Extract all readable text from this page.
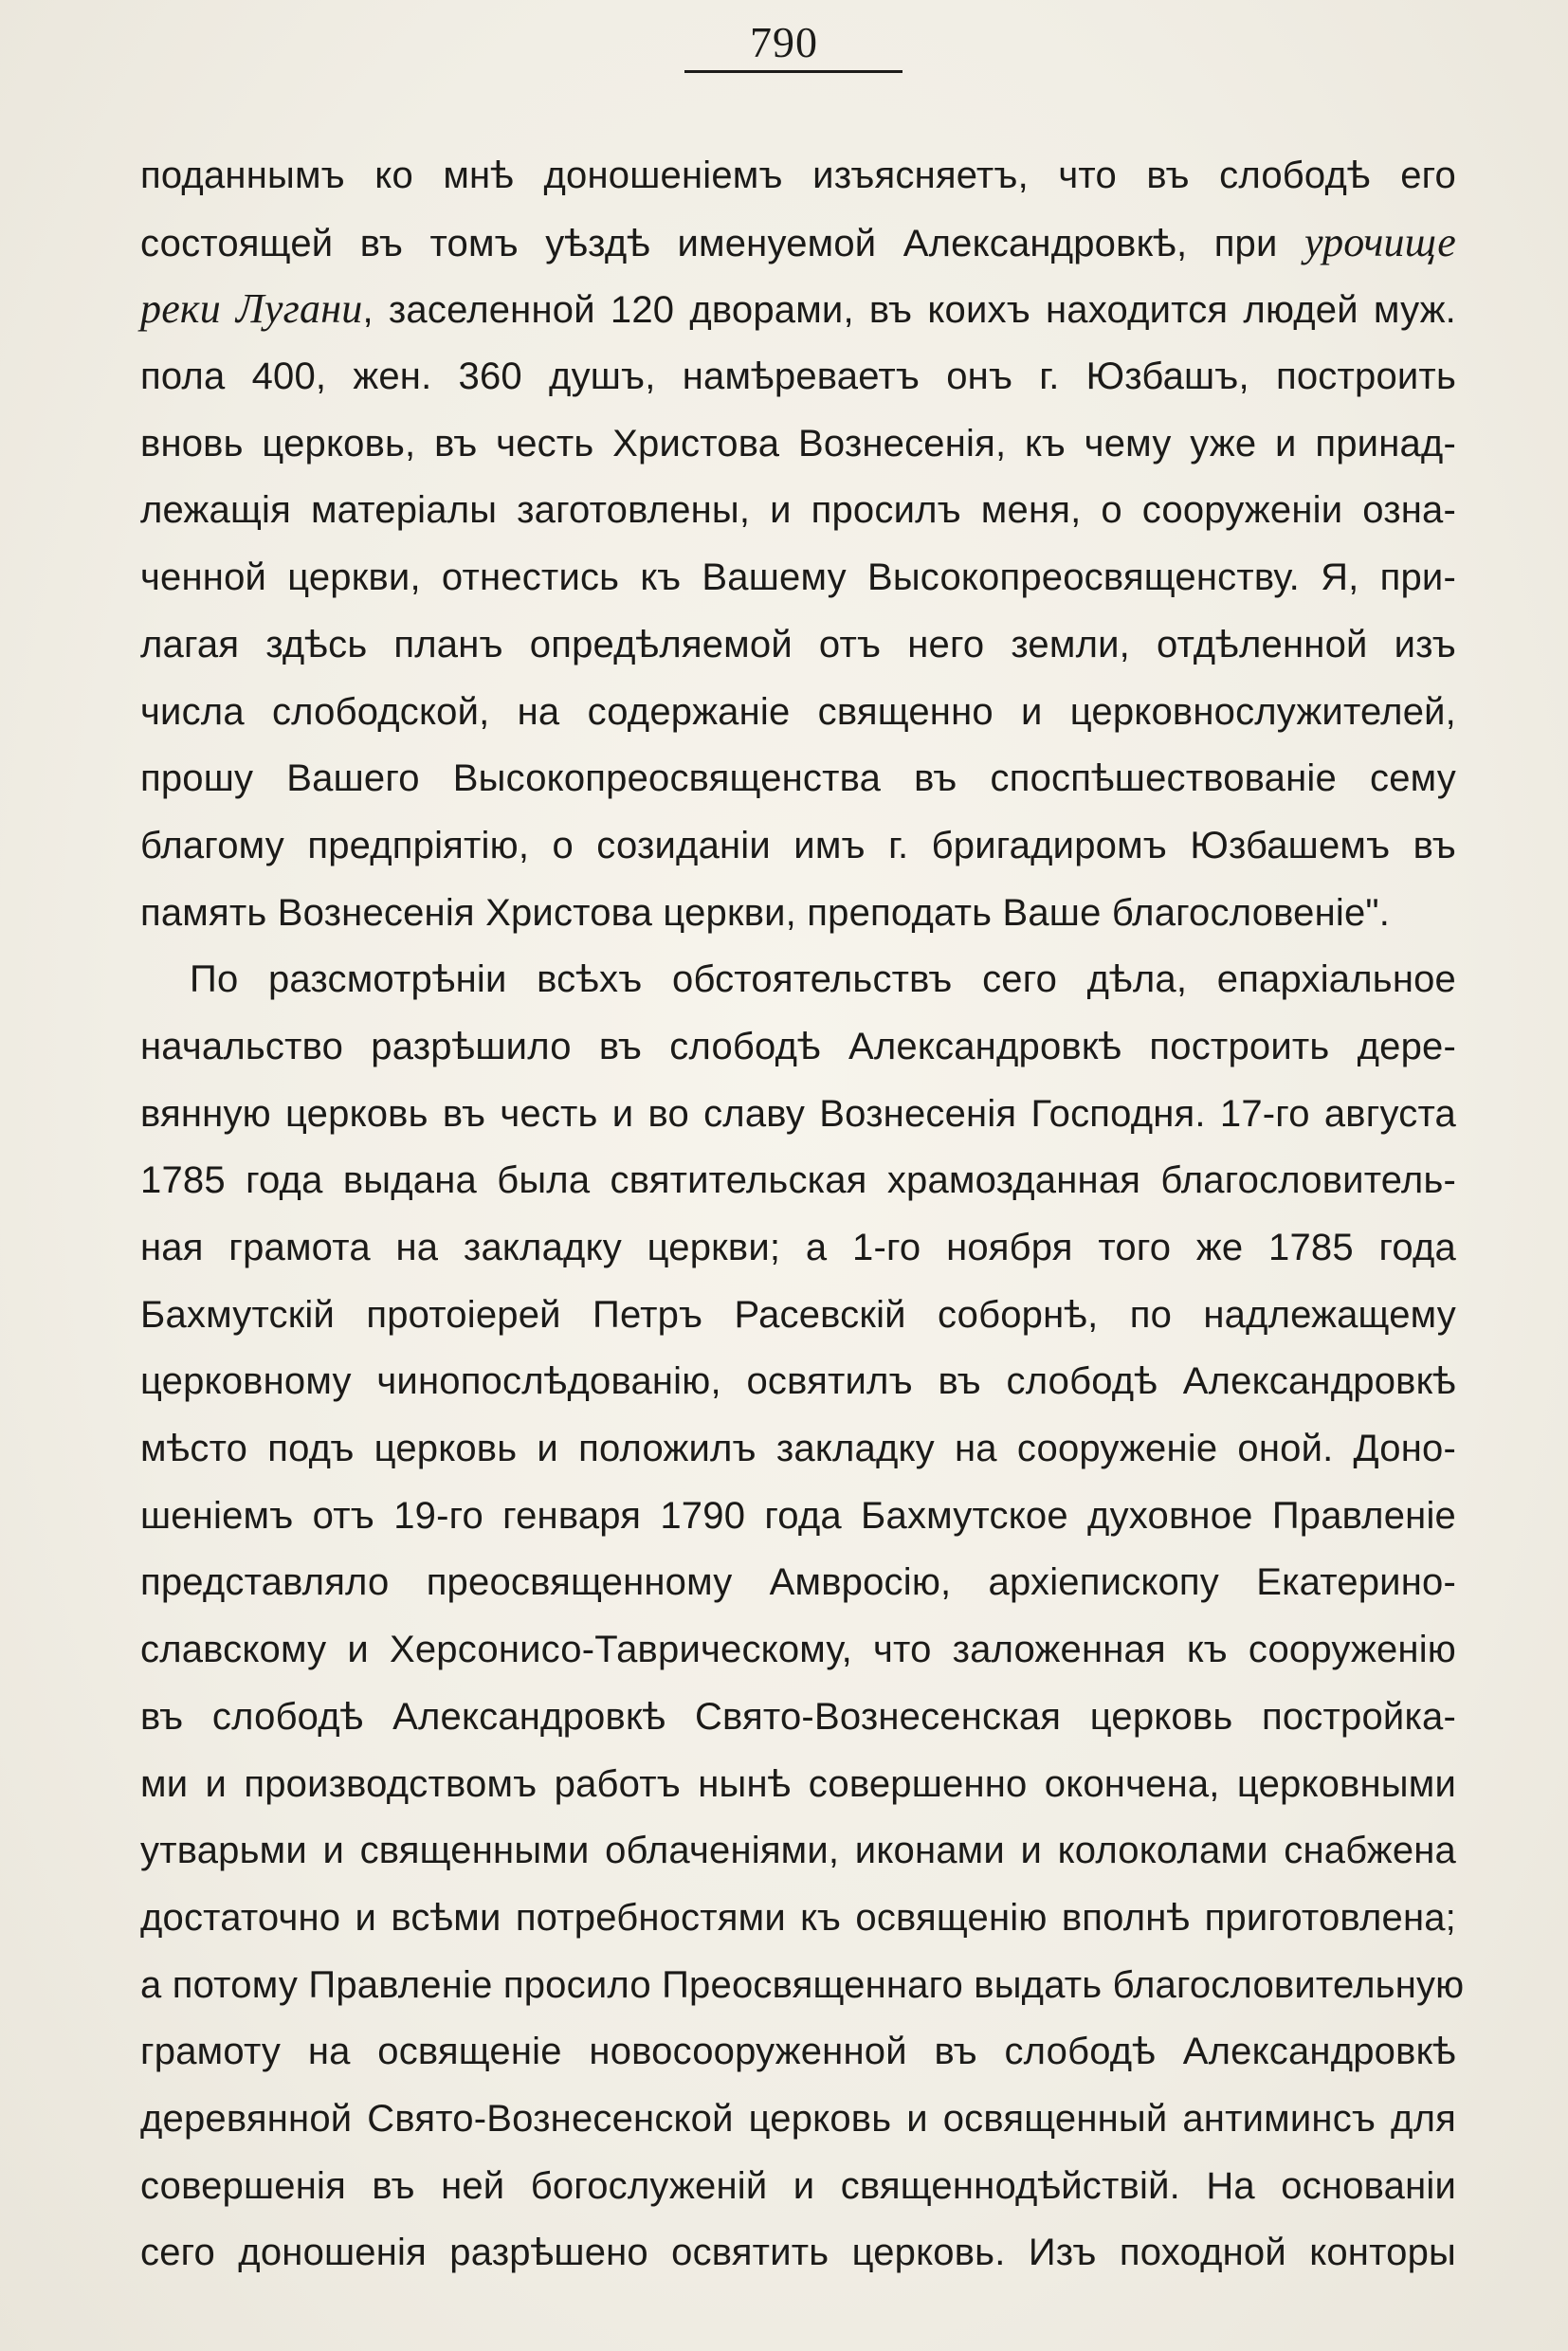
790
поданнымъ ко мнѣ доношеніемъ изъясняетъ, что въ слободѣ его
состоящей въ томъ уѣздѣ именуемой Александровкѣ, при урочище
реки Лугани, заселенной 120 дворами, въ коихъ находится людей муж.
пола 400, жен. 360 душъ, намѣреваетъ онъ г. Юзбашъ, построить
вновь церковь, въ честь Христова Вознесенія, къ чему уже и принад-
лежащія матеріалы заготовлены, и просилъ меня, о сооруженіи озна-
ченной церкви, отнестись къ Вашему Высокопреосвященству. Я, при-
лагая здѣсь планъ опредѣляемой отъ него земли, отдѣленной изъ
числа слободской, на содержаніе священно и церковнослужителей,
прошу Вашего Высокопреосвященства въ споспѣшествованіе сему
благому предпріятію, о созиданіи имъ г. бригадиромъ Юзбашемъ въ
память Вознесенія Христова церкви, преподать Ваше благословеніе".
По разсмотрѣніи всѣхъ обстоятельствъ сего дѣла, епархіальное
начальство разрѣшило въ слободѣ Александровкѣ построить дере-
вянную церковь въ честь и во славу Вознесенія Господня. 17-го августа
1785 года выдана была святительская храмозданная благословитель-
ная грамота на закладку церкви; а 1-го ноября того же 1785 года
Бахмутскій протоіерей Петръ Расевскій соборнѣ, по надлежащему
церковному чинопослѣдованію, освятилъ въ слободѣ Александровкѣ
мѣсто подъ церковь и положилъ закладку на сооруженіе оной. Доно-
шеніемъ отъ 19-го генваря 1790 года Бахмутское духовное Правленіе
представляло преосвященному Амвросію, архіепископу Екатерино-
славскому и Херсонисо-Таврическому, что заложенная къ сооруженію
въ слободѣ Александровкѣ Свято-Вознесенская церковь постройка-
ми и производствомъ работъ нынѣ совершенно окончена, церковными
утварьми и священными облаченіями, иконами и колоколами снабжена
достаточно и всѣми потребностями къ освященію вполнѣ приготовлена;
а потому Правленіе просило Преосвященнаго выдать благословительную
грамоту на освященіе новосооруженной въ слободѣ Александровкѣ
деревянной Свято-Вознесенской церковь и освященный антиминсъ для
совершенія въ ней богослуженій и священнодѣйствій. На основаніи
сего доношенія разрѣшено освятить церковь. Изъ походной конторы
